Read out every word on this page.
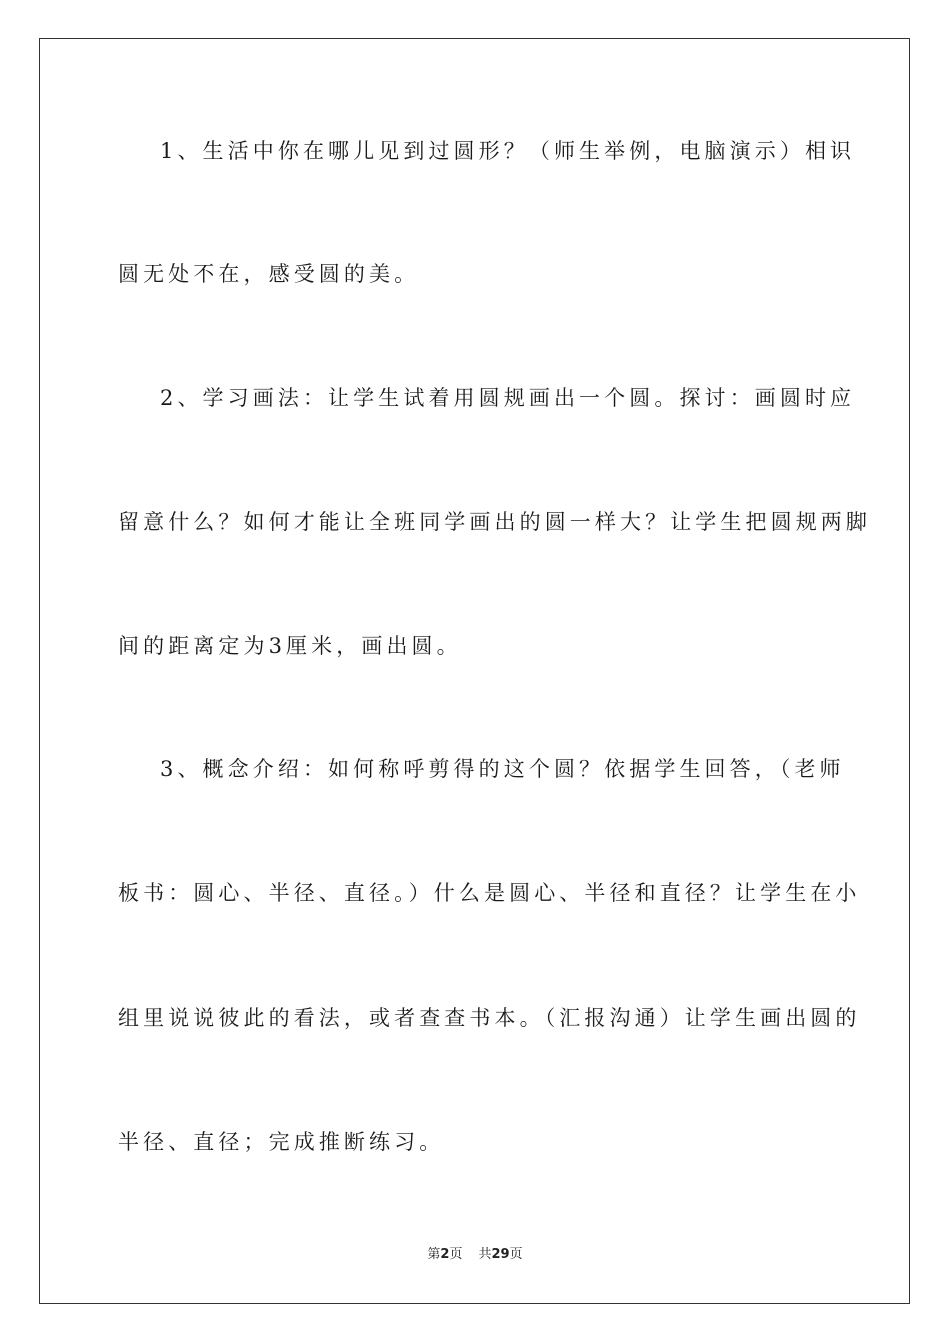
1、生活中你在哪儿见到过圆形？（师生举例，电脑演示）相识
圆无处不在，感受圆的美。
2、学习画法：让学生试着用圆规画出一个圆。探讨：画圆时应
留意什么？如何才能让全班同学画出的圆一样大？让学生把圆规两脚
间的距离定为3厘米，画出圆。
3、概念介绍：如何称呼剪得的这个圆？依据学生回答，（老师
板书：圆心、半径、直径。）什么是圆心、半径和直径？让学生在小
组里说说彼此的看法，或者查查书本。（汇报沟通）让学生画出圆的
半径、直径；完成推断练习。
第2页 共29页
